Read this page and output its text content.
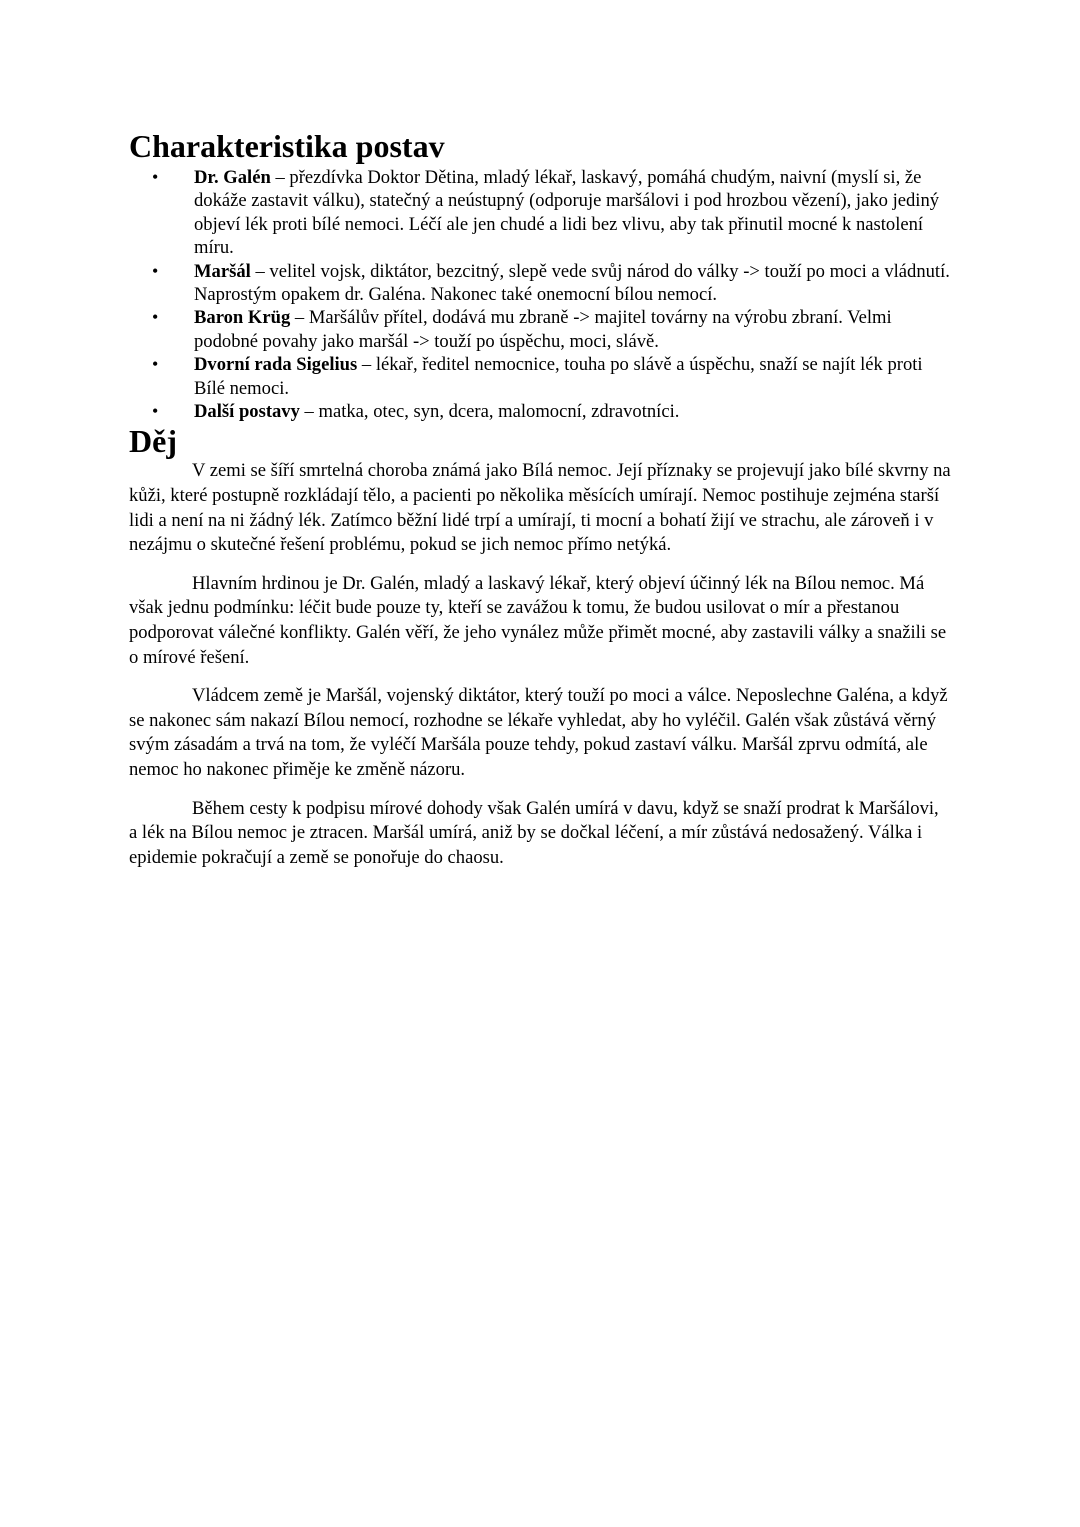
Charakteristika postav
• Dr. Galén – přezdívka Doktor Dětina, mladý lékař, laskavý, pomáhá chudým, naivní (myslí si, že dokáže zastavit válku), statečný a neústupný (odporuje maršálovi i pod hrozbou vězení), jako jediný objeví lék proti bílé nemoci. Léčí ale jen chudé a lidi bez vlivu, aby tak přinutil mocné k nastolení míru.
• Maršál – velitel vojsk, diktátor, bezcitný, slepě vede svůj národ do války -> touží po moci a vládnutí. Naprostým opakem dr. Galéna. Nakonec také onemocní bílou nemocí.
• Baron Krüg – Maršálův přítel, dodává mu zbraně -> majitel továrny na výrobu zbraní. Velmi podobné povahy jako maršál -> touží po úspěchu, moci, slávě.
• Dvorní rada Sigelius – lékař, ředitel nemocnice, touha po slávě a úspěchu, snaží se najít lék proti Bílé nemoci.
• Další postavy – matka, otec, syn, dcera, malomocní, zdravotníci.
Děj

V zemi se šíří smrtelná choroba známá jako Bílá nemoc. Její příznaky se projevují jako bílé skvrny na kůži, které postupně rozkládají tělo, a pacienti po několika měsících umírají. Nemoc postihuje zejména starší lidi a není na ni žádný lék. Zatímco běžní lidé trpí a umírají, ti mocní a bohatí žijí ve strachu, ale zároveň i v nezájmu o skutečné řešení problému, pokud se jich nemoc přímo netýká.

Hlavním hrdinou je Dr. Galén, mladý a laskavý lékař, který objeví účinný lék na Bílou nemoc. Má však jednu podmínku: léčit bude pouze ty, kteří se zavážou k tomu, že budou usilovat o mír a přestanou podporovat válečné konflikty. Galén věří, že jeho vynález může přimět mocné, aby zastavili války a snažili se o mírové řešení.

Vládcem země je Maršál, vojenský diktátor, který touží po moci a válce. Neposlechne Galéna, a když se nakonec sám nakazí Bílou nemocí, rozhodne se lékaře vyhledat, aby ho vyléčil. Galén však zůstává věrný svým zásadám a trvá na tom, že vyléčí Maršála pouze tehdy, pokud zastaví válku. Maršál zprvu odmítá, ale nemoc ho nakonec přiměje ke změně názoru.

Během cesty k podpisu mírové dohody však Galén umírá v davu, když se snaží prodrat k Maršálovi, a lék na Bílou nemoc je ztracen. Maršál umírá, aniž by se dočkal léčení, a mír zůstává nedosažený. Válka i epidemie pokračují a země se ponořuje do chaosu.
